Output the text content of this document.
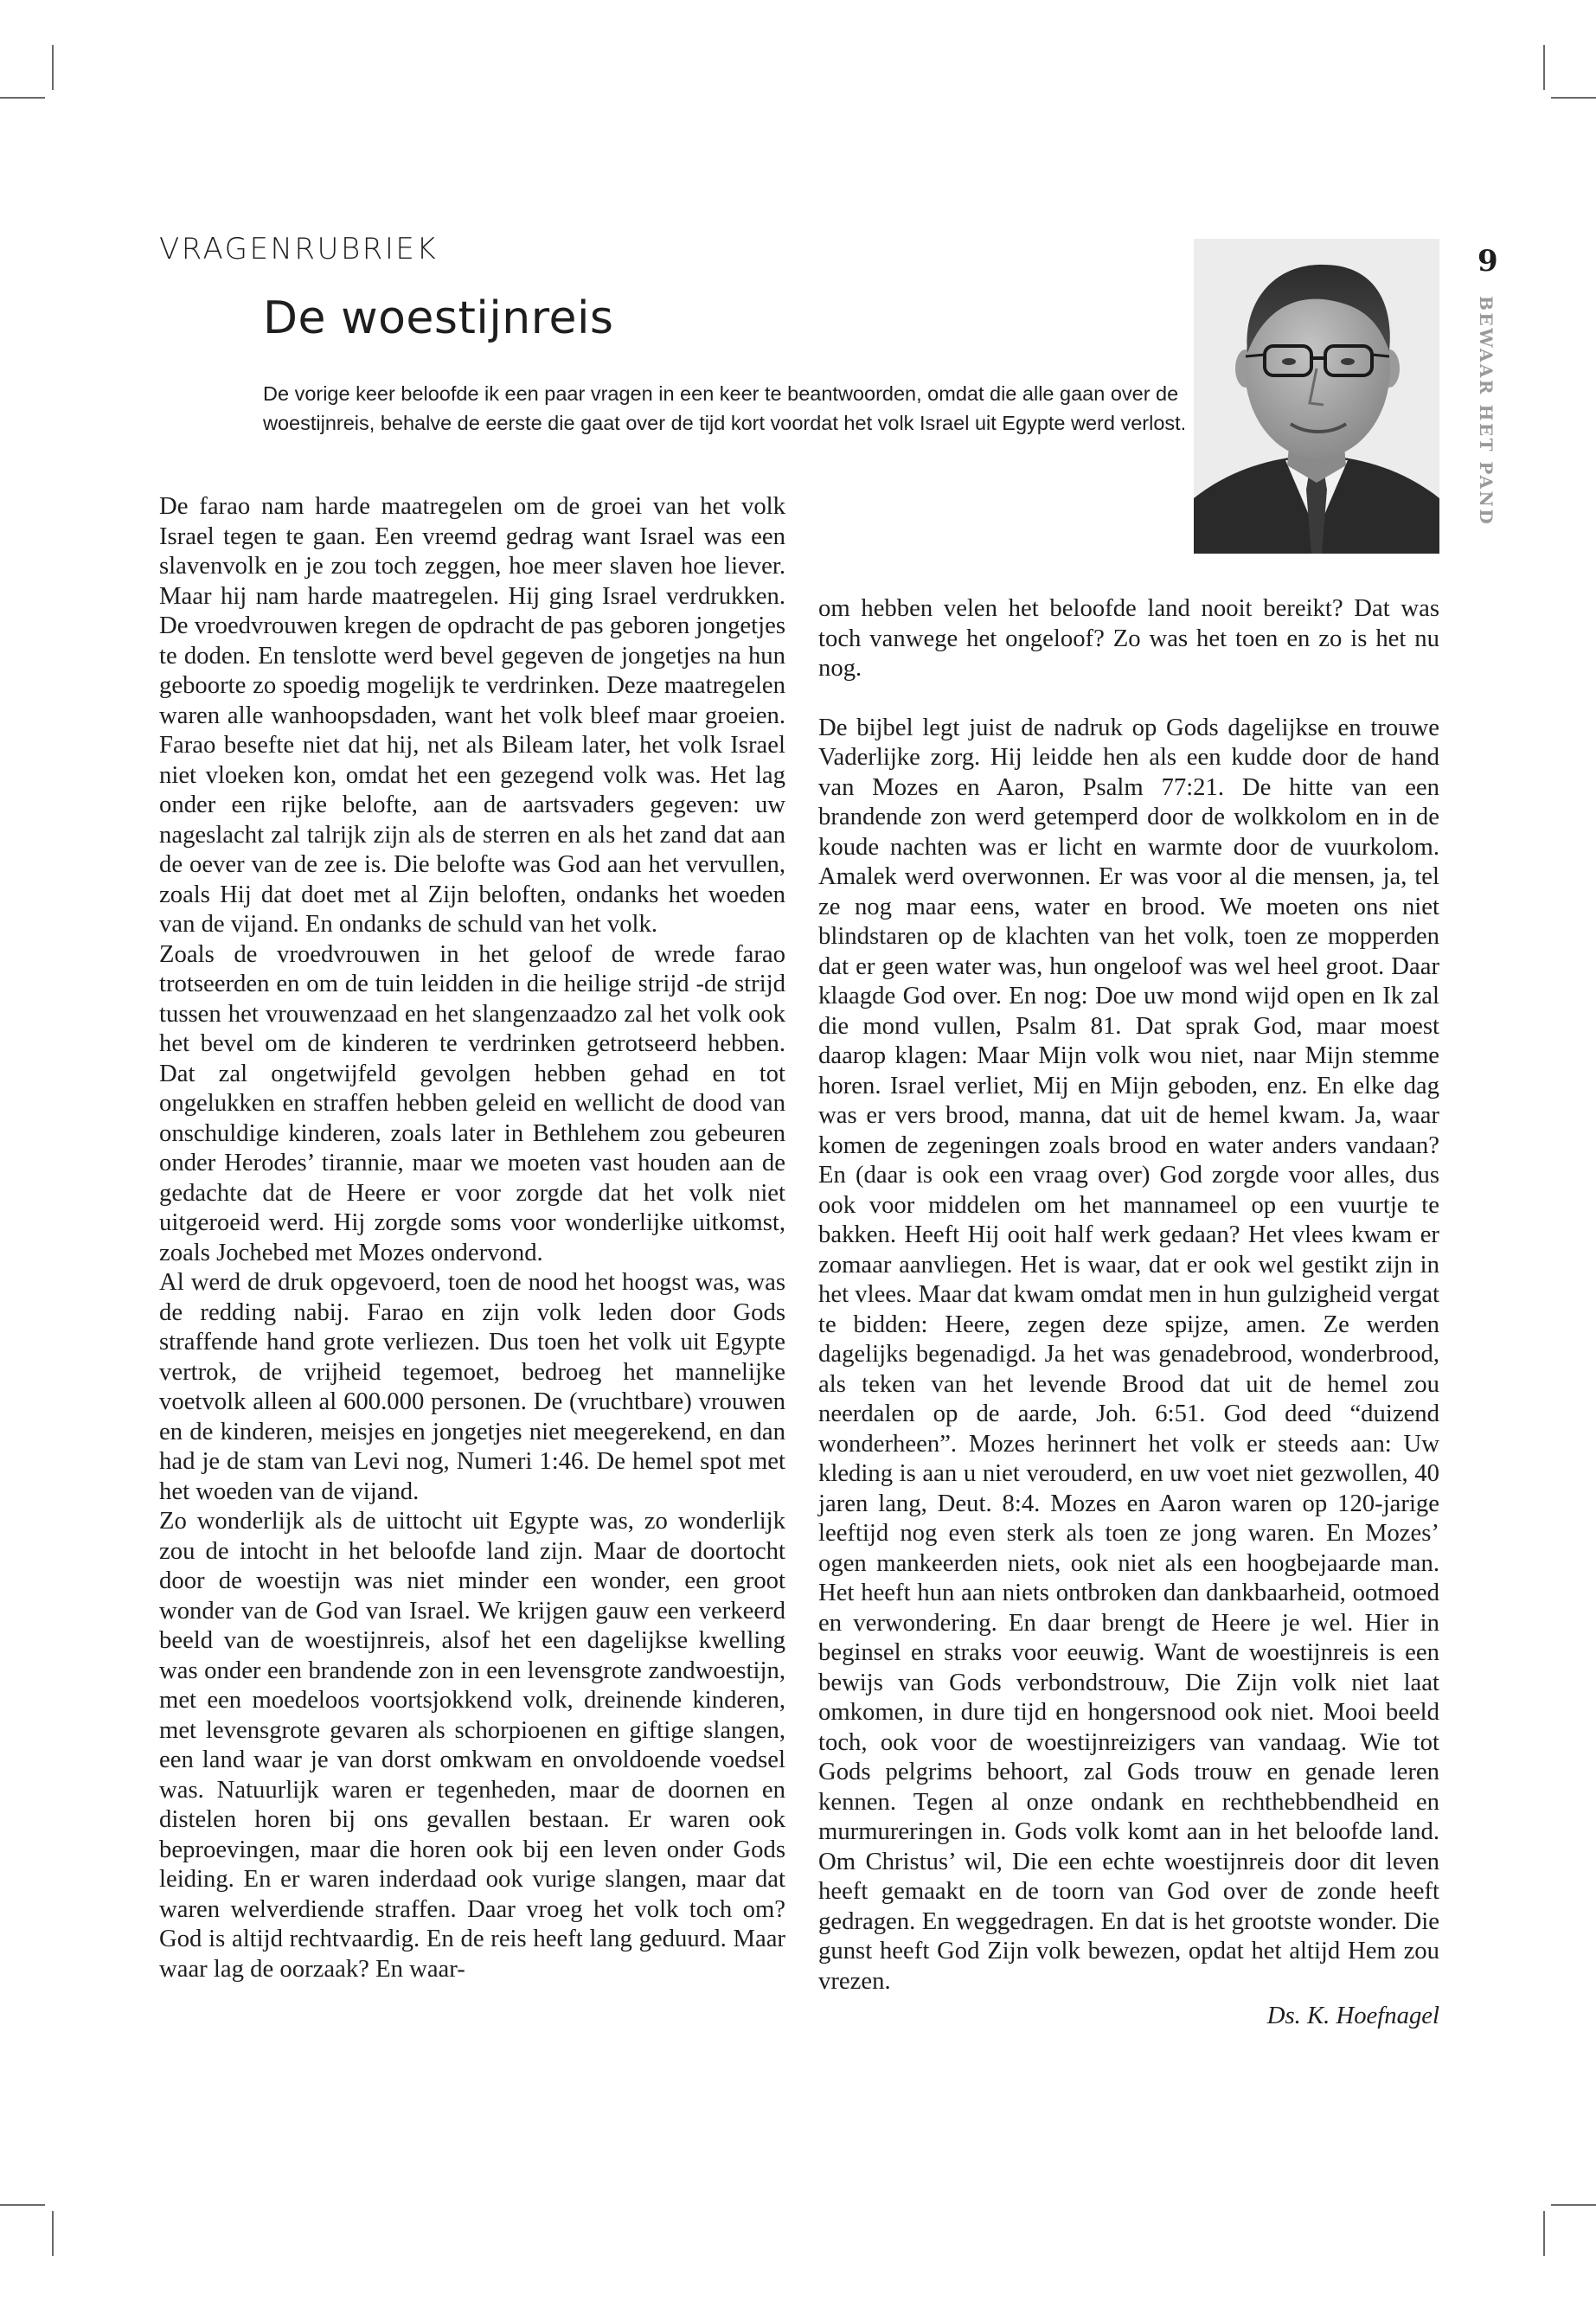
VRAGENRUBRIEK
De woestijnreis

De vorige keer beloofde ik een paar vragen in een keer te beantwoorden, omdat die alle gaan over de woestijnreis, behalve de eerste die gaat over de tijd kort voordat het volk Israel uit Egypte werd verlost.

9
BEWAAR HET PAND

De farao nam harde maatregelen om de groei van het volk Israel tegen te gaan. Een vreemd gedrag want Israel was een slavenvolk en je zou toch zeggen, hoe meer slaven hoe liever. Maar hij nam harde maatregelen. Hij ging Israel verdrukken. De vroedvrouwen kregen de opdracht de pas geboren jongetjes te doden. En tenslotte werd bevel gegeven de jongetjes na hun geboorte zo spoedig mogelijk te verdrinken. Deze maatregelen waren alle wanhoopsdaden, want het volk bleef maar groeien. Farao besefte niet dat hij, net als Bileam later, het volk Israel niet vloeken kon, omdat het een gezegend volk was. Het lag onder een rijke belofte, aan de aartsvaders gegeven: uw nageslacht zal talrijk zijn als de sterren en als het zand dat aan de oever van de zee is. Die belofte was God aan het vervullen, zoals Hij dat doet met al Zijn beloften, ondanks het woeden van de vijand. En ondanks de schuld van het volk.

Zoals de vroedvrouwen in het geloof de wrede farao trotseerden en om de tuin leidden in die heilige strijd -de strijd tussen het vrouwenzaad en het slangenzaadzo zal het volk ook het bevel om de kinderen te verdrinken getrotseerd hebben. Dat zal ongetwijfeld gevolgen hebben gehad en tot ongelukken en straffen hebben geleid en wellicht de dood van onschuldige kinderen, zoals later in Bethlehem zou gebeuren onder Herodes’ tirannie, maar we moeten vast houden aan de gedachte dat de Heere er voor zorgde dat het volk niet uitgeroeid werd. Hij zorgde soms voor wonderlijke uitkomst, zoals Jochebed met Mozes ondervond.

Al werd de druk opgevoerd, toen de nood het hoogst was, was de redding nabij. Farao en zijn volk leden door Gods straffende hand grote verliezen. Dus toen het volk uit Egypte vertrok, de vrijheid tegemoet, bedroeg het mannelijke voetvolk alleen al 600.000 personen. De (vruchtbare) vrouwen en de kinderen, meisjes en jongetjes niet meegerekend, en dan had je de stam van Levi nog, Numeri 1:46. De hemel spot met het woeden van de vijand.

Zo wonderlijk als de uittocht uit Egypte was, zo wonderlijk zou de intocht in het beloofde land zijn. Maar de doortocht door de woestijn was niet minder een wonder, een groot wonder van de God van Israel. We krijgen gauw een verkeerd beeld van de woestijnreis, alsof het een dagelijkse kwelling was onder een brandende zon in een levensgrote zandwoestijn, met een moedeloos voortsjokkend volk, dreinende kinderen, met levensgrote gevaren als schorpioenen en giftige slangen, een land waar je van dorst omkwam en onvoldoende voedsel was. Natuurlijk waren er tegenheden, maar de doornen en distelen horen bij ons gevallen bestaan. Er waren ook beproevingen, maar die horen ook bij een leven onder Gods leiding. En er waren inderdaad ook vurige slangen, maar dat waren welverdiende straffen. Daar vroeg het volk toch om? God is altijd rechtvaardig. En de reis heeft lang geduurd. Maar waar lag de oorzaak? En waar-

om hebben velen het beloofde land nooit bereikt? Dat was toch vanwege het ongeloof? Zo was het toen en zo is het nu nog.

De bijbel legt juist de nadruk op Gods dagelijkse en trouwe Vaderlijke zorg. Hij leidde hen als een kudde door de hand van Mozes en Aaron, Psalm 77:21. De hitte van een brandende zon werd getemperd door de wolkkolom en in de koude nachten was er licht en warmte door de vuurkolom. Amalek werd overwonnen. Er was voor al die mensen, ja, tel ze nog maar eens, water en brood. We moeten ons niet blindstaren op de klachten van het volk, toen ze mopperden dat er geen water was, hun ongeloof was wel heel groot. Daar klaagde God over. En nog: Doe uw mond wijd open en Ik zal die mond vullen, Psalm 81. Dat sprak God, maar moest daarop klagen: Maar Mijn volk wou niet, naar Mijn stemme horen. Israel verliet, Mij en Mijn geboden, enz. En elke dag was er vers brood, manna, dat uit de hemel kwam. Ja, waar komen de zegeningen zoals brood en water anders vandaan? En (daar is ook een vraag over) God zorgde voor alles, dus ook voor middelen om het mannameel op een vuurtje te bakken. Heeft Hij ooit half werk gedaan? Het vlees kwam er zomaar aanvliegen. Het is waar, dat er ook wel gestikt zijn in het vlees. Maar dat kwam omdat men in hun gulzigheid vergat te bidden: Heere, zegen deze spijze, amen. Ze werden dagelijks begenadigd. Ja het was genadebrood, wonderbrood, als teken van het levende Brood dat uit de hemel zou neerdalen op de aarde, Joh. 6:51. God deed “duizend wonderheen”. Mozes herinnert het volk er steeds aan: Uw kleding is aan u niet verouderd, en uw voet niet gezwollen, 40 jaren lang, Deut. 8:4. Mozes en Aaron waren op 120-jarige leeftijd nog even sterk als toen ze jong waren. En Mozes’ ogen mankeerden niets, ook niet als een hoogbejaarde man. Het heeft hun aan niets ontbroken dan dankbaarheid, ootmoed en verwondering. En daar brengt de Heere je wel. Hier in beginsel en straks voor eeuwig. Want de woestijnreis is een bewijs van Gods verbondstrouw, Die Zijn volk niet laat omkomen, in dure tijd en hongersnood ook niet. Mooi beeld toch, ook voor de woestijnreizigers van vandaag. Wie tot Gods pelgrims behoort, zal Gods trouw en genade leren kennen. Tegen al onze ondank en rechthebbendheid en murmureringen in. Gods volk komt aan in het beloofde land. Om Christus’ wil, Die een echte woestijnreis door dit leven heeft gemaakt en de toorn van God over de zonde heeft gedragen. En weggedragen. En dat is het grootste wonder. Die gunst heeft God Zijn volk bewezen, opdat het altijd Hem zou vrezen.

Ds. K. Hoefnagel
